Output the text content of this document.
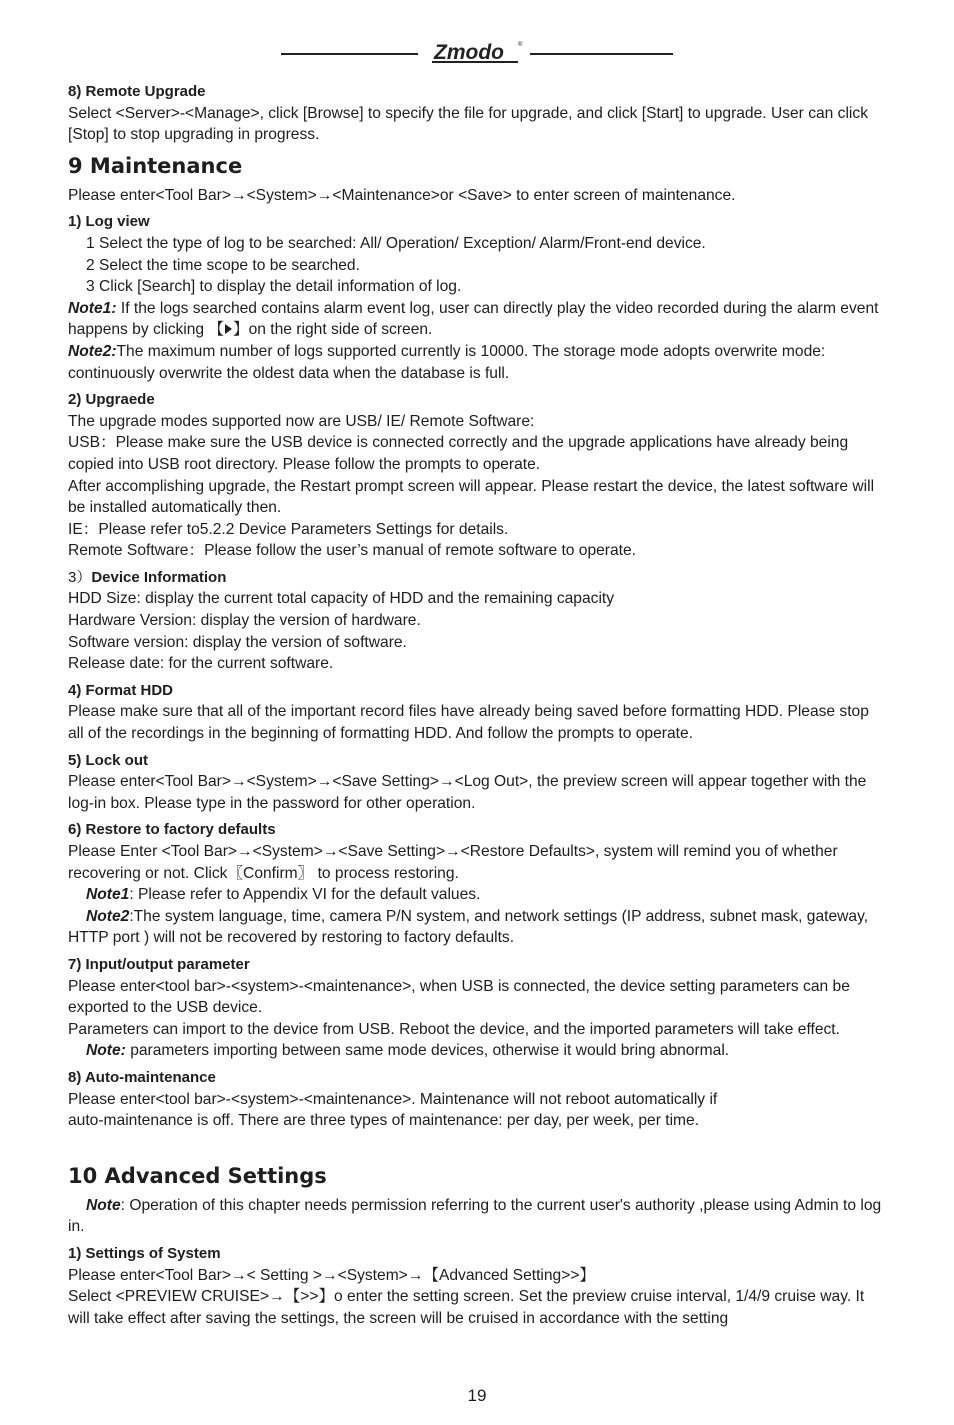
Zmodo ®

8) Remote Upgrade

Select <Server>-<Manage>, click [Browse] to specify the file for upgrade, and click [Start] to upgrade. User can click [Stop] to stop upgrading in progress.

9 Maintenance

Please enter<Tool Bar>→<System>→<Maintenance>or <Save> to enter screen of maintenance.

1) Log view

1 Select the type of log to be searched: All/ Operation/ Exception/ Alarm/Front-end device.

2 Select the time scope to be searched.

3 Click [Search] to display the detail information of log.

Note1: If the logs searched contains alarm event log, user can directly play the video recorded during the alarm event happens by clicking 【 】on the right side of screen.

Note2:The maximum number of logs supported currently is 10000. The storage mode adopts overwrite mode: continuously overwrite the oldest data when the database is full.

2) Upgraede

The upgrade modes supported now are USB/ IE/ Remote Software:

USB：Please make sure the USB device is connected correctly and the upgrade applications have already being copied into USB root directory. Please follow the prompts to operate.

After accomplishing upgrade, the Restart prompt screen will appear. Please restart the device, the latest software will be installed automatically then.

IE：Please refer to5.2.2 Device Parameters Settings for details.

Remote Software：Please follow the user’s manual of remote software to operate.

3）Device Information

HDD Size: display the current total capacity of HDD and the remaining capacity

Hardware Version: display the version of hardware.

Software version: display the version of software.

Release date: for the current software.

4) Format HDD

Please make sure that all of the important record files have already being saved before formatting HDD. Please stop all of the recordings in the beginning of formatting HDD. And follow the prompts to operate.

5) Lock out

Please enter<Tool Bar>→<System>→<Save Setting>→<Log Out>, the preview screen will appear together with the log-in box. Please type in the password for other operation.

6) Restore to factory defaults

Please Enter <Tool Bar>→<System>→<Save Setting>→<Restore Defaults>, system will remind you of whether recovering or not. Click〖Confirm〗 to process restoring.

Note1: Please refer to Appendix VI for the default values.

Note2:The system language, time, camera P/N system, and network settings (IP address, subnet mask, gateway, HTTP port ) will not be recovered by restoring to factory defaults.

7) Input/output parameter

Please enter<tool bar>-<system>-<maintenance>, when USB is connected, the device setting parameters can be exported to the USB device.

Parameters can import to the device from USB. Reboot the device, and the imported parameters will take effect.

Note: parameters importing between same mode devices, otherwise it would bring abnormal.

8) Auto-maintenance

Please enter<tool bar>-<system>-<maintenance>. Maintenance will not reboot automatically if

auto-maintenance is off. There are three types of maintenance: per day, per week, per time.

10 Advanced Settings

Note: Operation of this chapter needs permission referring to the current user's authority ,please using Admin to log in.

1) Settings of System

Please enter<Tool Bar>→< Setting >→<System>→【Advanced Setting>>】

Select <PREVIEW CRUISE>→【>>】o enter the setting screen. Set the preview cruise interval, 1/4/9 cruise way. It will take effect after saving the settings, the screen will be cruised in accordance with the setting

19
